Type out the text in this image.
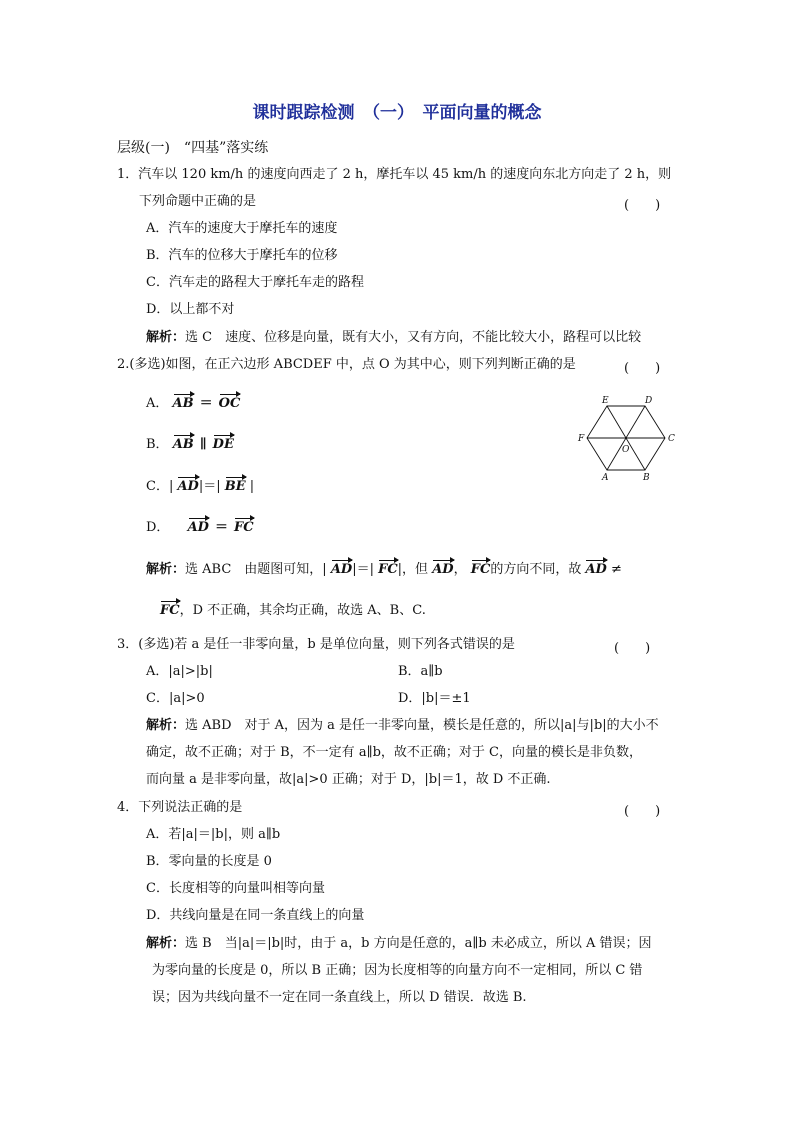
课时跟踪检测　（一）　平面向量的概念
层级(一)　“四基”落实练
1．汽车以 120 km/h 的速度向西走了 2 h，摩托车以 45 km/h 的速度向东北方向走了 2 h，则
下列命题中正确的是	(　　)
A．汽车的速度大于摩托车的速度
B．汽车的位移大于摩托车的位移
C．汽车走的路程大于摩托车走的路程
D．以上都不对
解析：选 C　速度、位移是向量，既有大小，又有方向，不能比较大小，路程可以比较
2.(多选)如图，在正六边形 ABCDEF 中，点 O 为其中心，则下列判断正确的是	(　　)
A． AB ＝ OC
B． AB ∥ DE
C．| AD|＝| BE |
D． AD ＝ FC
E	D
F	C
A	B
O
解析：选 ABC　由题图可知，| AD|＝| FC|，但 AD， FC的方向不同，故 AD ≠
FC，D 不正确，其余均正确，故选 A、B、C.
3．(多选)若 a 是任一非零向量，b 是单位向量，则下列各式错误的是	(　　)
A．|a|>|b|	B．a∥b
C．|a|>0	D．|b|＝±1
解析：选 ABD　对于 A，因为 a 是任一非零向量，模长是任意的，所以|a|与|b|的大小不
确定，故不正确；对于 B，不一定有 a∥b，故不正确；对于 C，向量的模长是非负数，
而向量 a 是非零向量，故|a|>0 正确；对于 D，|b|＝1，故 D 不正确.
4．下列说法正确的是	(　　)
A．若|a|＝|b|，则 a∥b
B．零向量的长度是 0
C．长度相等的向量叫相等向量
D．共线向量是在同一条直线上的向量
解析：选 B　当|a|＝|b|时，由于 a，b 方向是任意的，a∥b 未必成立，所以 A 错误；因
为零向量的长度是 0，所以 B 正确；因为长度相等的向量方向不一定相同，所以 C 错
误；因为共线向量不一定在同一条直线上，所以 D 错误．故选 B.
